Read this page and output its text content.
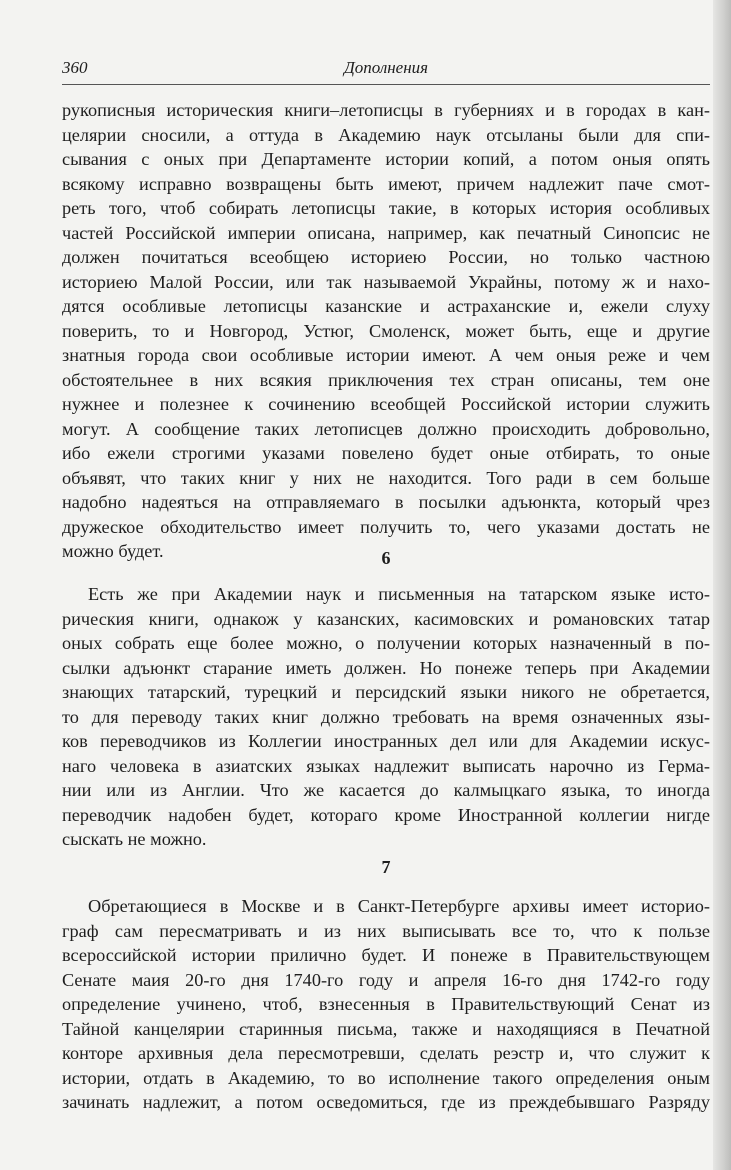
360	Дополнения
рукописныя историческия книги–летописцы в губерниях и в городах в кан-
целярии сносили, а оттуда в Академию наук отсыланы были для спи-
сывания с оных при Департаменте истории копий, а потом оныя опять
всякому исправно возвращены быть имеют, причем надлежит паче смот-
реть того, чтоб собирать летописцы такие, в которых история особливых
частей Российской империи описана, например, как печатный Синопсис не
должен почитаться всеобщею историею России, но только частною
историею Малой России, или так называемой Украйны, потому ж и нахо-
дятся особливые летописцы казанские и астраханские и, ежели слуху
поверить, то и Новгород, Устюг, Смоленск, может быть, еще и другие
знатныя города свои особливые истории имеют. А чем оныя реже и чем
обстоятельнее в них всякия приключения тех стран описаны, тем оне
нужнее и полезнее к сочинению всеобщей Российской истории служить
могут. А сообщение таких летописцев должно происходить добровольно,
ибо ежели строгими указами повелено будет оные отбирать, то оные
объявят, что таких книг у них не находится. Того ради в сем больше
надобно надеяться на отправляемаго в посылки адъюнкта, который чрез
дружеское обходительство имеет получить то, чего указами достать не
можно будет.	6
Есть же при Академии наук и письменныя на татарском языке исто-
рическия книги, однакож у казанских, касимовских и романовских татар
оных собрать еще более можно, о получении которых назначенный в по-
сылки адъюнкт старание иметь должен. Но понеже теперь при Академии
знающих татарский, турецкий и персидский языки никого не обретается,
то для переводу таких книг должно требовать на время означенных язы-
ков переводчиков из Коллегии иностранных дел или для Академии искус-
наго человека в азиатских языках надлежит выписать нарочно из Герма-
нии или из Англии. Что же касается до калмыцкаго языка, то иногда
переводчик надобен будет, котораго кроме Иностранной коллегии нигде
сыскать не можно.
7
Обретающиеся в Москве и в Санкт-Петербурге архивы имеет историо-
граф сам пересматривать и из них выписывать все то, что к пользе
всероссийской истории прилично будет. И понеже в Правительствующем
Сенате маия 20-го дня 1740-го году и апреля 16-го дня 1742-го году
определение учинено, чтоб, взнесенныя в Правительствующий Сенат из
Тайной канцелярии старинныя письма, также и находящияся в Печатной
конторе архивныя дела пересмотревши, сделать реэстр и, что служит к
истории, отдать в Академию, то во исполнение такого определения оным
зачинать надлежит, а потом осведомиться, где из преждебывшаго Разряду
